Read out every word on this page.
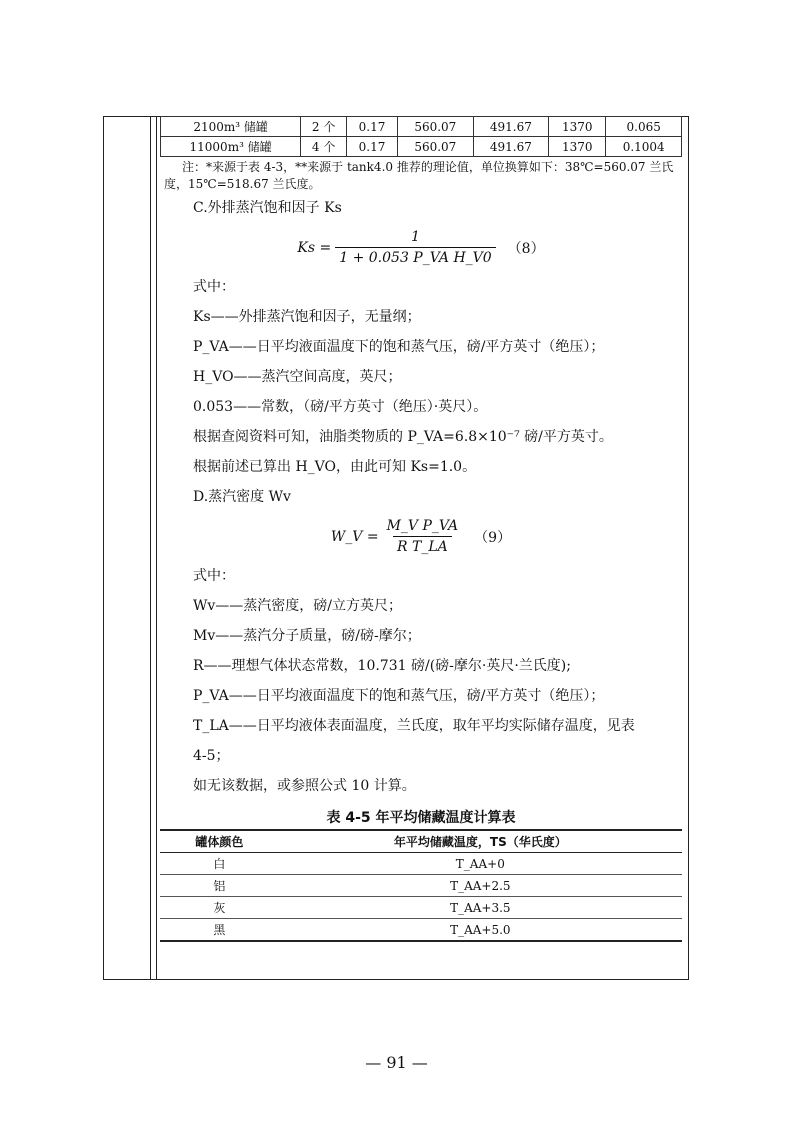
2100m³ 储罐	2 个	0.17	560.07	491.67	1370	0.065
11000m³ 储罐	4 个	0.17	560.07	491.67	1370	0.1004

注：*来源于表 4-3，**来源于 tank4.0 推荐的理论值，单位换算如下：38℃=560.07 兰氏度，15℃=518.67 兰氏度。

C.外排蒸汽饱和因子 Ks

$Ks = \frac{1}{\text{1 + 0.053 P\_VA H\_V0}} (8)$

式中：

Ks——外排蒸汽饱和因子，无量纲；

P_VA——日平均液面温度下的饱和蒸气压，磅/平方英寸（绝压）；

H_VO——蒸汽空间高度，英尺；

0.053——常数，（磅/平方英寸（绝压）·英尺）。

根据查阅资料可知，油脂类物质的 P_VA=6.8×10⁻⁷ 磅/平方英寸。

根据前述已算出 H_VO，由此可知 Ks=1.0。

D.蒸汽密度 Wv

W_V = $\frac{\text{M\_V P\_VA}}{\text{R T\_LA}} (9)$

式中：

Wv——蒸汽密度，磅/立方英尺；

Mv——蒸汽分子质量，磅/磅-摩尔；

R——理想气体状态常数，10.731 磅/(磅-摩尔·英尺·兰氏度);

P_VA——日平均液面温度下的饱和蒸气压，磅/平方英寸（绝压）；

T_LA——日平均液体表面温度，兰氏度，取年平均实际储存温度，见表

4-5；

如无该数据，或参照公式 10 计算。

表 4-5 年平均储藏温度计算表
罐体颜色	年平均储藏温度，TS（华氏度）
白	T_AA+0
铝	T_AA+2.5
灰	T_AA+3.5
黑	T_AA+5.0
— 91 —
